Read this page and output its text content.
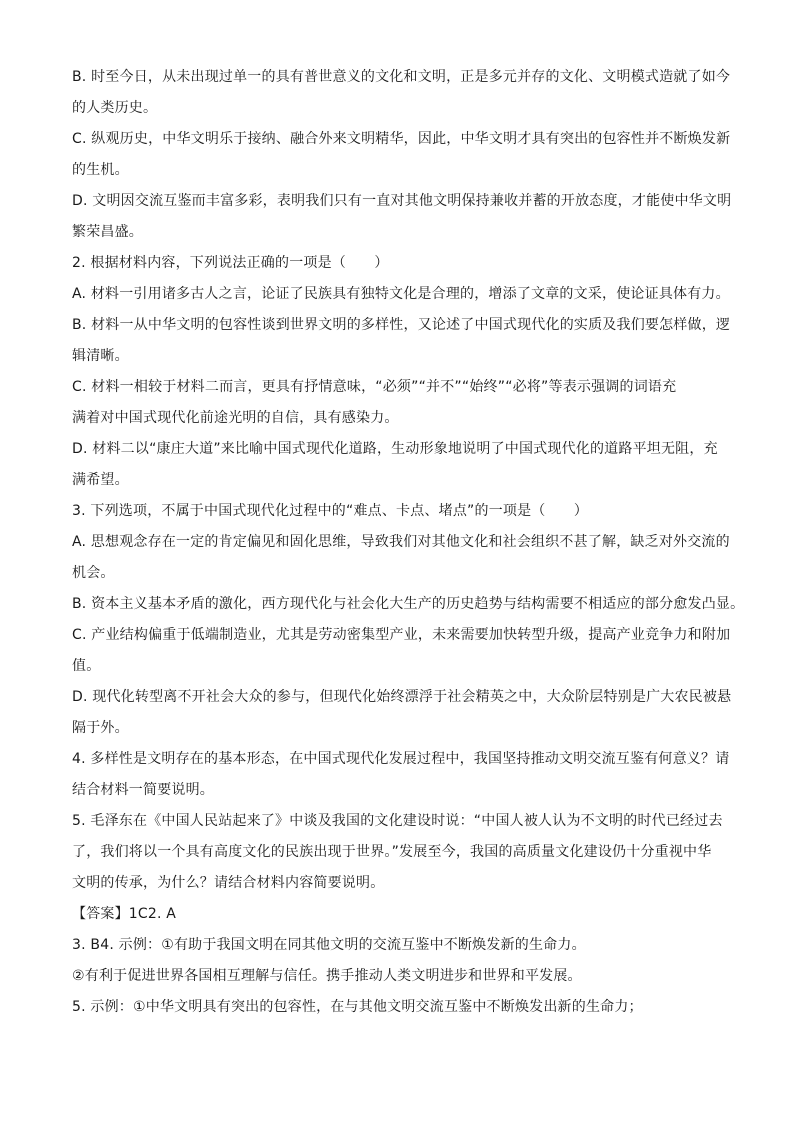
B. 时至今日，从未出现过单一的具有普世意义的文化和文明，正是多元并存的文化、文明模式造就了如今
的人类历史。
C. 纵观历史，中华文明乐于接纳、融合外来文明精华，因此，中华文明才具有突出的包容性并不断焕发新
的生机。
D. 文明因交流互鉴而丰富多彩，表明我们只有一直对其他文明保持兼收并蓄的开放态度，才能使中华文明
繁荣昌盛。
2. 根据材料内容，下列说法正确的一项是（　　）
A. 材料一引用诸多古人之言，论证了民族具有独特文化是合理的，增添了文章的文采，使论证具体有力。
B. 材料一从中华文明的包容性谈到世界文明的多样性，又论述了中国式现代化的实质及我们要怎样做，逻
辑清晰。
C. 材料一相较于材料二而言，更具有抒情意味，“必须”“并不”“始终”“必将”等表示强调的词语充
满着对中国式现代化前途光明的自信，具有感染力。
D. 材料二以“康庄大道”来比喻中国式现代化道路，生动形象地说明了中国式现代化的道路平坦无阻，充
满希望。
3. 下列选项，不属于中国式现代化过程中的“难点、卡点、堵点”的一项是（　　）
A. 思想观念存在一定的肯定偏见和固化思维，导致我们对其他文化和社会组织不甚了解，缺乏对外交流的
机会。
B. 资本主义基本矛盾的激化，西方现代化与社会化大生产的历史趋势与结构需要不相适应的部分愈发凸显。
C. 产业结构偏重于低端制造业，尤其是劳动密集型产业，未来需要加快转型升级，提高产业竞争力和附加
值。
D. 现代化转型离不开社会大众的参与，但现代化始终漂浮于社会精英之中，大众阶层特别是广大农民被悬
隔于外。
4. 多样性是文明存在的基本形态，在中国式现代化发展过程中，我国坚持推动文明交流互鉴有何意义？请
结合材料一简要说明。
5. 毛泽东在《中国人民站起来了》中谈及我国的文化建设时说：“中国人被人认为不文明的时代已经过去
了，我们将以一个具有高度文化的民族出现于世界。”发展至今，我国的高质量文化建设仍十分重视中华
文明的传承，为什么？请结合材料内容简要说明。
【答案】1C2. A
3. B4. 示例：①有助于我国文明在同其他文明的交流互鉴中不断焕发新的生命力。
②有利于促进世界各国相互理解与信任。携手推动人类文明进步和世界和平发展。
5. 示例：①中华文明具有突出的包容性，在与其他文明交流互鉴中不断焕发出新的生命力；
